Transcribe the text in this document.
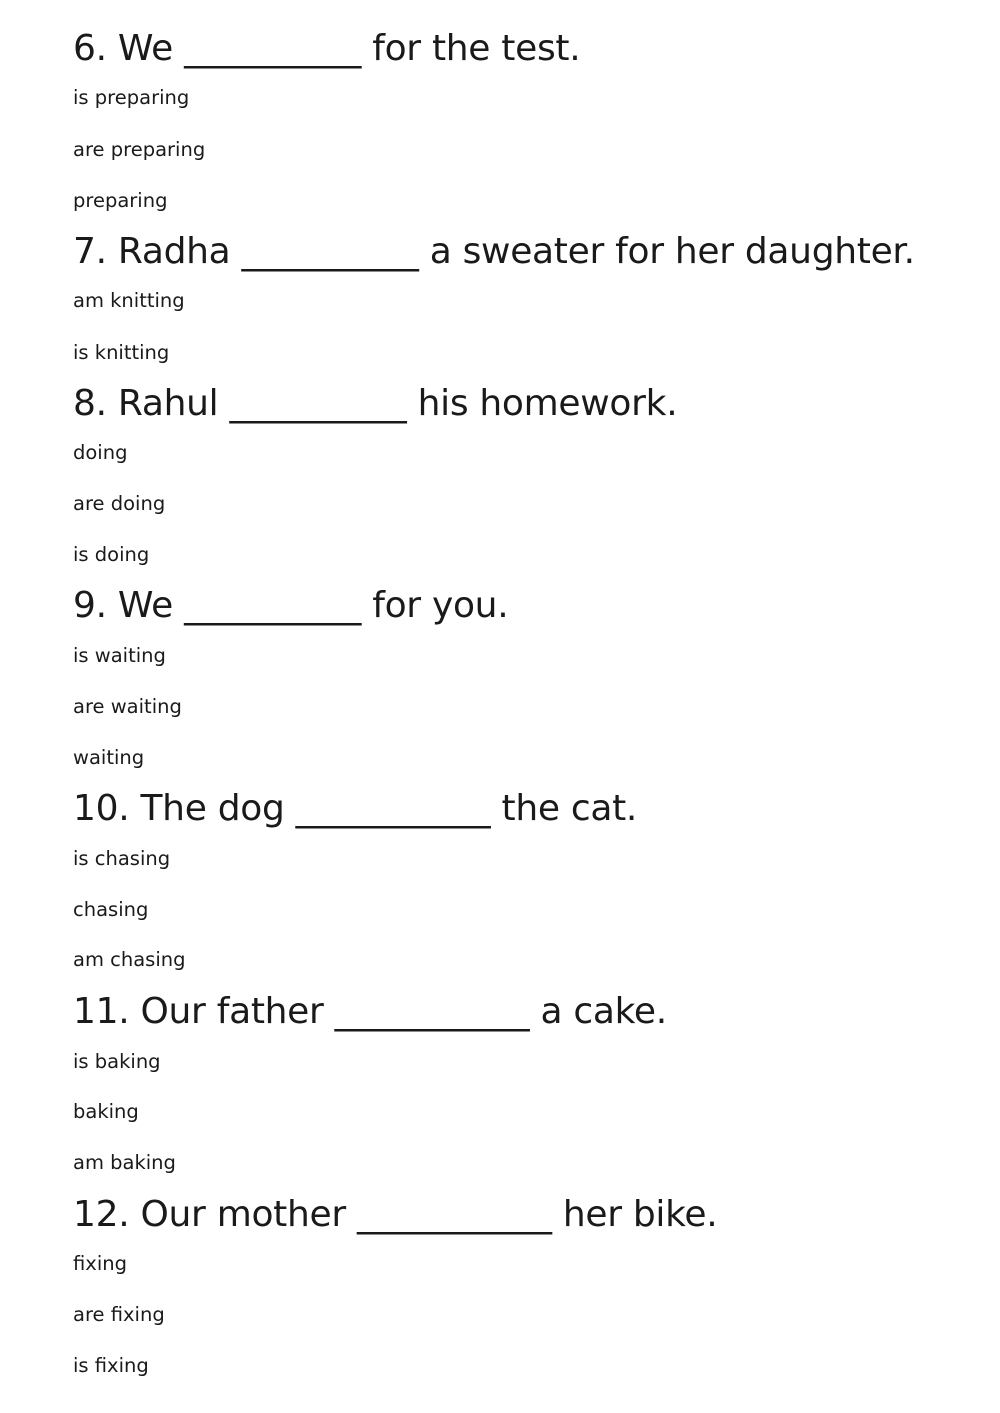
6. We __________ for the test.
is preparing
are preparing
preparing
7. Radha __________ a sweater for her daughter.
am knitting
is knitting
8. Rahul __________ his homework.
doing
are doing
is doing
9. We __________ for you.
is waiting
are waiting
waiting
10. The dog ___________ the cat.
is chasing
chasing
am chasing
11. Our father ___________ a cake.
is baking
baking
am baking
12. Our mother ___________ her bike.
fixing
are fixing
is fixing
